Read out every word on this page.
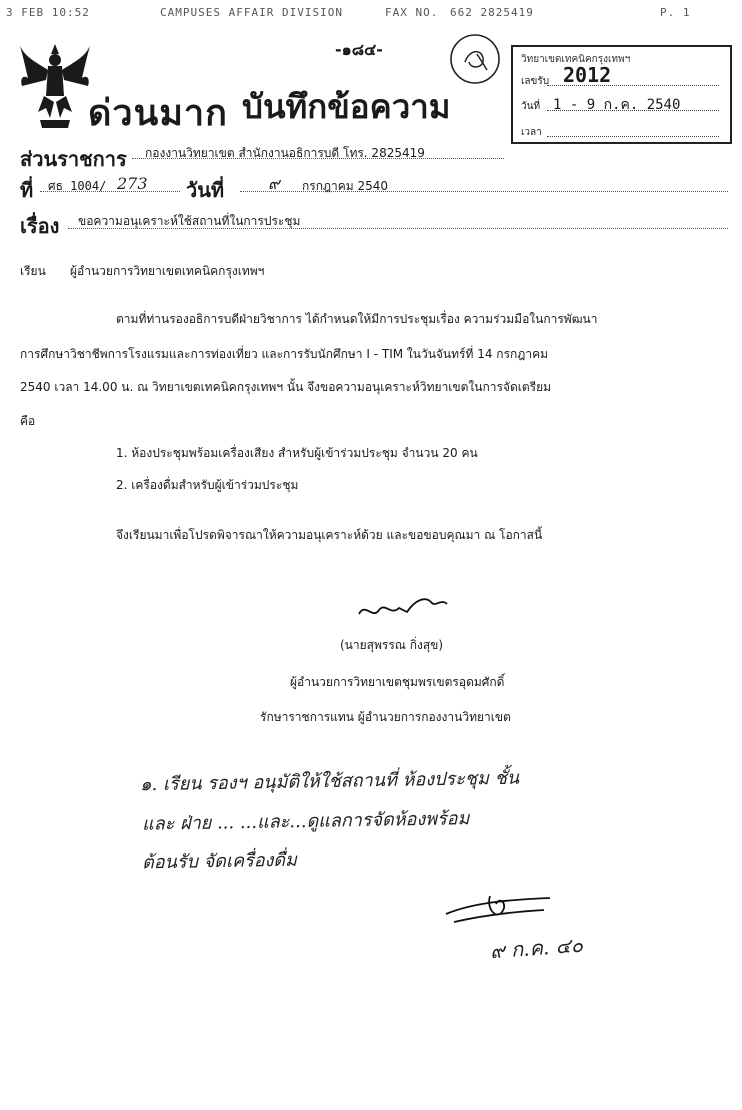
3 FEB 10:52	CAMPUSES AFFAIR DIVISION	FAX NO. 662 2825419	P. 1
-๑๘๔-
ด่วนมาก บันทึกข้อความ
วิทยาเขตเทคนิคกรุงเทพฯ
เลขรับ 2012
วันที่ 1 - 9 ก.ค. 2540
เวลา
ส่วนราชการ กองงานวิทยาเขต สำนักงานอธิการบดี โทร. 2825419
ที่ ศธ 1004/ 273 วันที่	๙ กรกฎาคม 2540
เรื่อง ขอความอนุเคราะห์ใช้สถานที่ในการประชุม
เรียน ผู้อำนวยการวิทยาเขตเทคนิคกรุงเทพฯ
ตามที่ท่านรองอธิการบดีฝ่ายวิชาการ ได้กำหนดให้มีการประชุมเรื่อง ความร่วมมือในการพัฒนา
การศึกษาวิชาชีพการโรงแรมและการท่องเที่ยว และการรับนักศึกษา I - TIM ในวันจันทร์ที่ 14 กรกฎาคม
2540 เวลา 14.00 น. ณ วิทยาเขตเทคนิคกรุงเทพฯ นั้น จึงขอความอนุเคราะห์วิทยาเขตในการจัดเตรียม
คือ
1. ห้องประชุมพร้อมเครื่องเสียง สำหรับผู้เข้าร่วมประชุม จำนวน 20 คน
2. เครื่องดื่มสำหรับผู้เข้าร่วมประชุม
จึงเรียนมาเพื่อโปรดพิจารณาให้ความอนุเคราะห์ด้วย และขอขอบคุณมา ณ โอกาสนี้
(นายสุพรรณ กิ่งสุข)
ผู้อำนวยการวิทยาเขตชุมพรเขตรอุดมศักดิ์
รักษาราชการแทน ผู้อำนวยการกองงานวิทยาเขต
๑. เรียน รองฯ อนุมัติให้ใช้สถานที่ ห้องประชุม ชั้น
และ ฝ่าย ... ...และ...ดูแลการจัดห้องพร้อม
ต้อนรับ จัดเครื่องดื่ม
๙ ก.ค. ๔๐
